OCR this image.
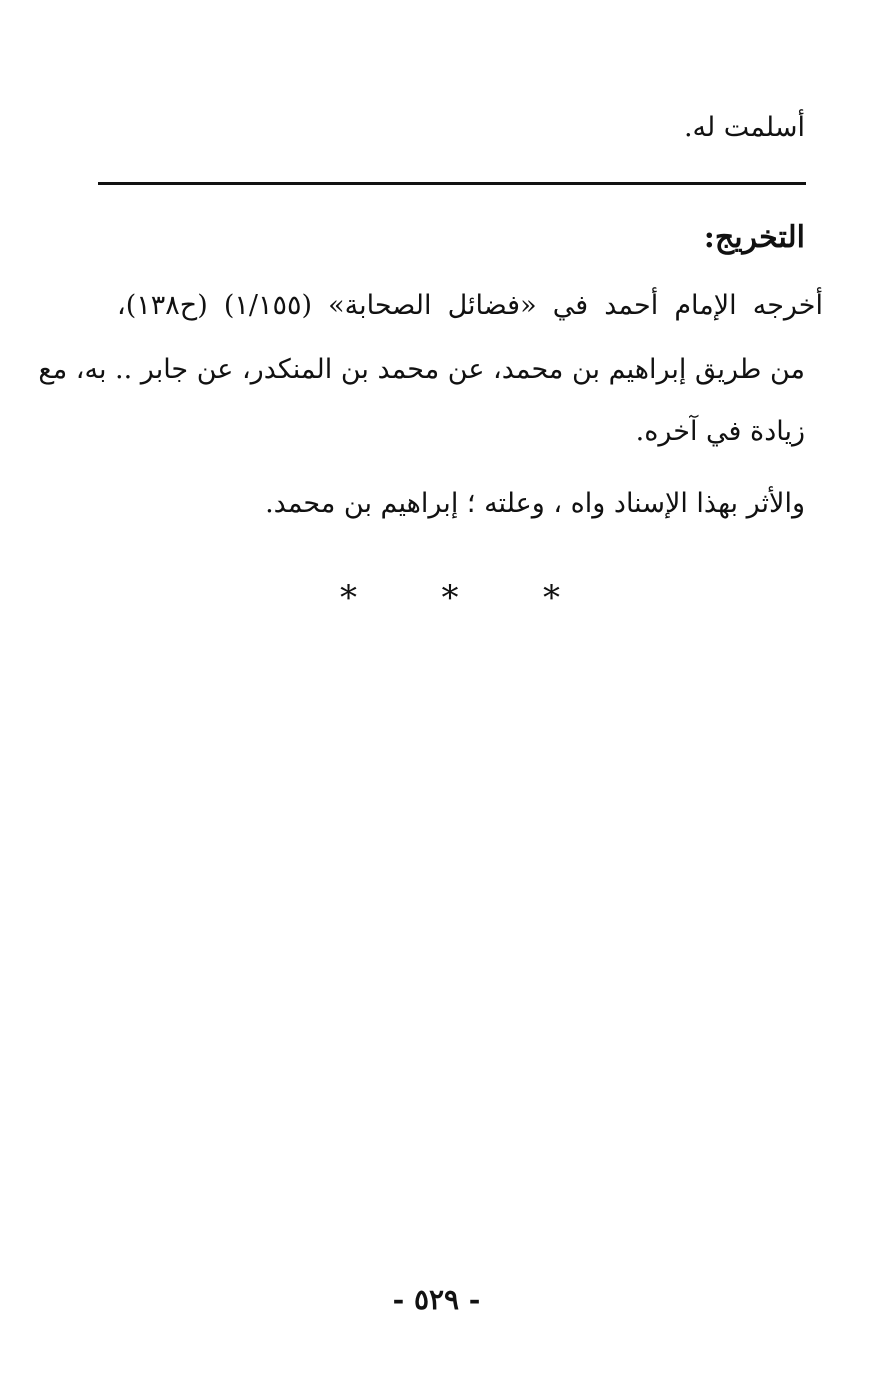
أسلمت له.
التخريج:
أخرجه الإمام أحمد في «فضائل الصحابة» (١/١٥٥) (ح١٣٨)،
من طريق إبراهيم بن محمد، عن محمد بن المنكدر، عن جابر .. به، مع
زيادة في آخره.
والأثر بهذا الإسناد واه ، وعلته ؛ إبراهيم بن محمد.
*
*
*
- ٥٢٩ -
